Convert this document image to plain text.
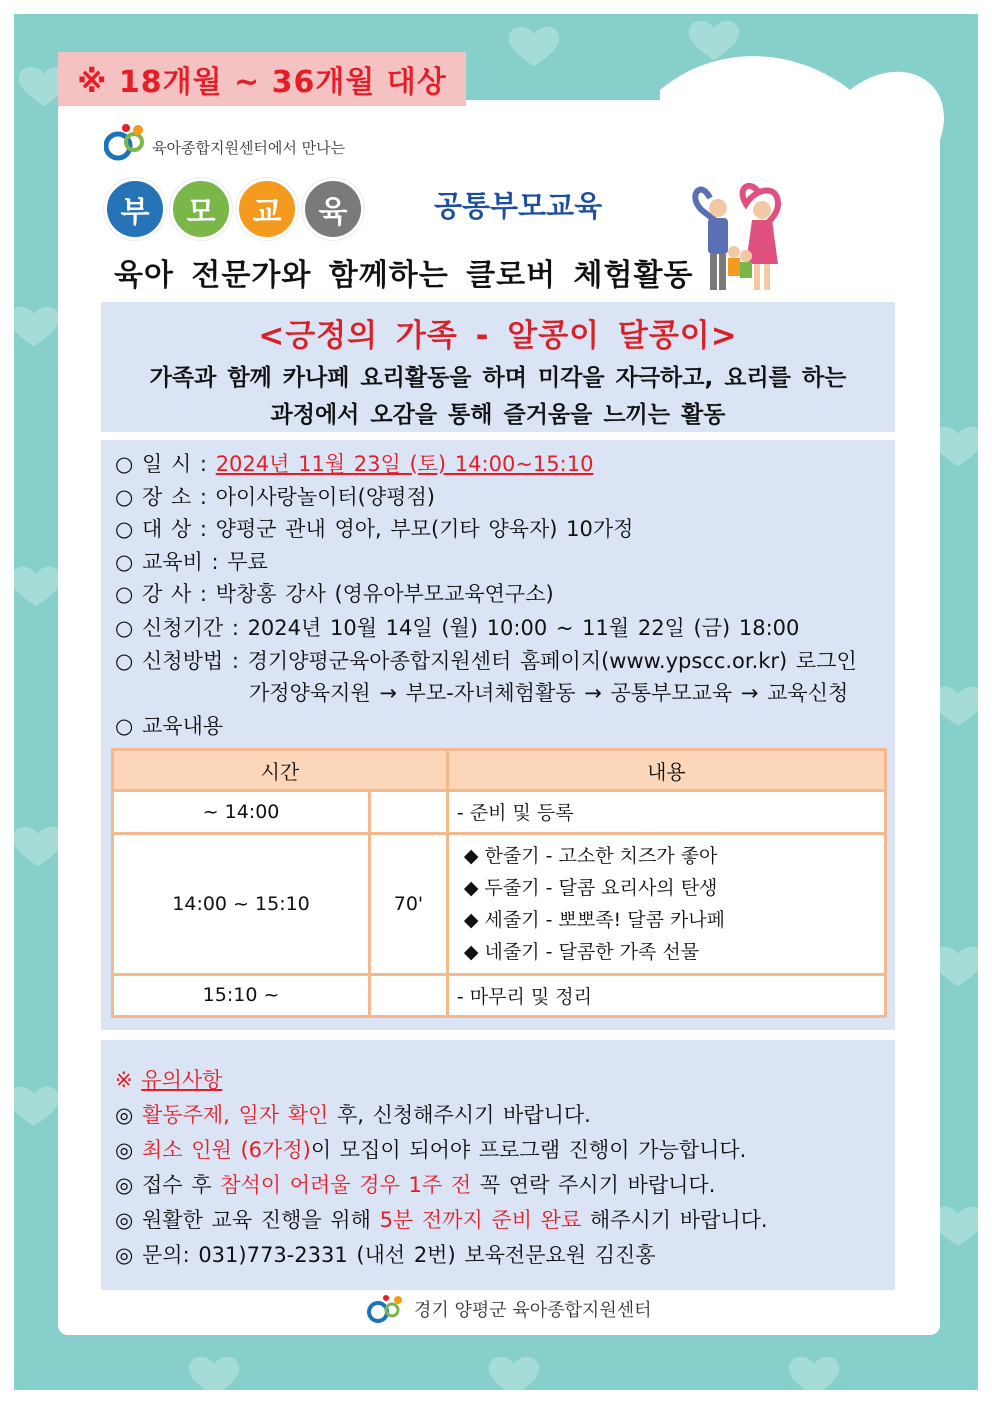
※ 18개월 ~ 36개월 대상
육아종합지원센터에서 만나는
부	모	교	육	공통부모교육
육아 전문가와 함께하는 클로버 체험활동
<긍정의 가족 - 알콩이 달콩이>
가족과 함께 카나페 요리활동을 하며 미각을 자극하고, 요리를 하는
과정에서 오감을 통해 즐거움을 느끼는 활동
○ 일 시 : 2024년 11월 23일 (토) 14:00~15:10
○ 장 소 : 아이사랑놀이터(양평점)
○ 대 상 : 양평군 관내 영아, 부모(기타 양육자) 10가정
○ 교육비 : 무료
○ 강 사 : 박창홍 강사 (영유아부모교육연구소)
○ 신청기간 : 2024년 10월 14일 (월) 10:00 ~ 11월 22일 (금) 18:00
○ 신청방법 : 경기양평군육아종합지원센터 홈페이지(www.ypscc.or.kr) 로그인
가정양육지원 → 부모-자녀체험활동 → 공통부모교육 → 교육신청
○ 교육내용
시간		내용
~ 14:00		- 준비 및 등록
14:00 ~ 15:10	70'	◆ 한줄기 - 고소한 치즈가 좋아
◆ 두줄기 - 달콤 요리사의 탄생
◆ 세줄기 - 뽀뽀족! 달콤 카나페
◆ 네줄기 - 달콤한 가족 선물

15:10 ~		- 마무리 및 정리
※ 유의사항
◎ 활동주제, 일자 확인 후, 신청해주시기 바랍니다.
◎ 최소 인원 (6가정)이 모집이 되어야 프로그램 진행이 가능합니다.
◎ 접수 후 참석이 어려울 경우 1주 전 꼭 연락 주시기 바랍니다.
◎ 원활한 교육 진행을 위해 5분 전까지 준비 완료 해주시기 바랍니다.
◎ 문의: 031)773-2331 (내선 2번) 보육전문요원 김진홍
경기 양평군 육아종합지원센터
